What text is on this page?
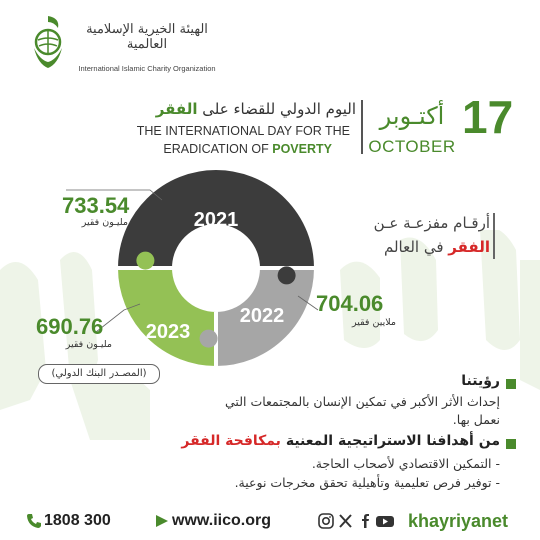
الهيئة الخيرية الإسلامية العالمية
International Islamic Charity Organization
17
أكتـوبر
OCTOBER
اليوم الدولي للقضاء على الفقر
THE INTERNATIONAL DAY FOR THE
ERADICATION OF POVERTY
أرقـام مفزعـة عـن
الفقر في العالم
2021
2022
2023
733.54
مليـون فقير
704.06
ملايين فقير
690.76
مليـون فقير
(المصـدر البنك الدولي)	رؤيتنا
إحداث الأثر الأكبر في تمكين الإنسان بالمجتمعات التي
نعمل بها.
من أهدافنا الاستراتيجية المعنية بمكافحة الفقر
- التمكين الاقتصادي لأصحاب الحاجة.
- توفير فرص تعليمية وتأهيلية تحقق مخرجات نوعية.
1808 300	www.iico.org	khayriyanet
